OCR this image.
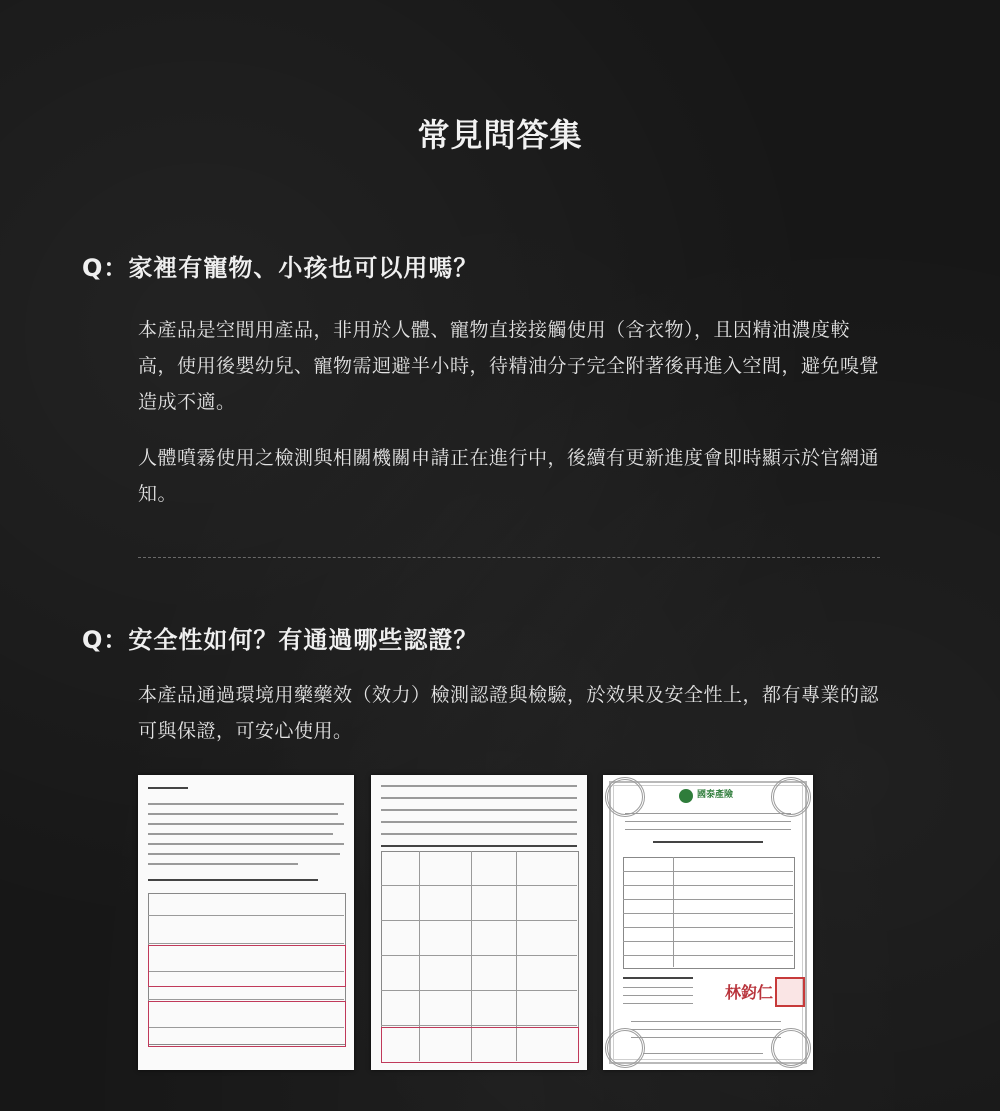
常見問答集
Q：家裡有寵物、小孩也可以用嗎？

本產品是空間用產品，非用於人體、寵物直接接觸使用（含衣物），且因精油濃度較高，使用後嬰幼兒、寵物需迴避半小時，待精油分子完全附著後再進入空間，避免嗅覺造成不適。

人體噴霧使用之檢測與相關機關申請正在進行中，後續有更新進度會即時顯示於官網通知。

Q：安全性如何？有通過哪些認證？

本產品通過環境用藥藥效（效力）檢測認證與檢驗，於效果及安全性上，都有專業的認可與保證，可安心使用。

國泰產險
林鈞仁
